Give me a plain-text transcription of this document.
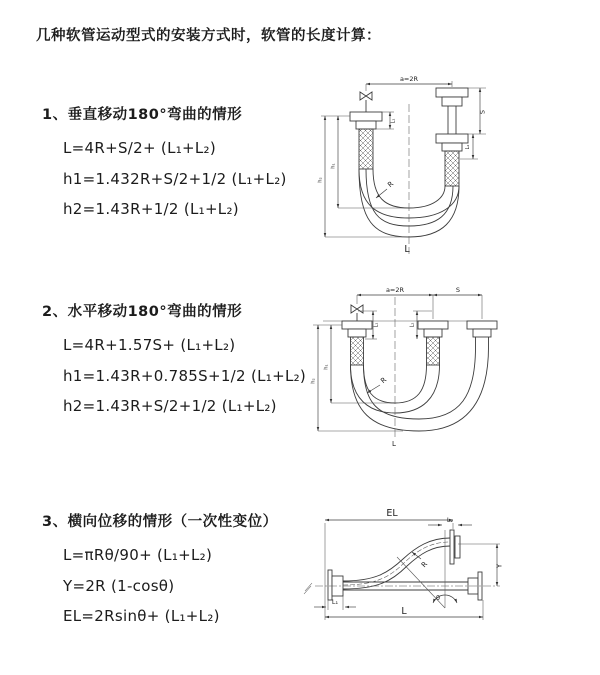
几种软管运动型式的安装方式时，软管的长度计算：
1、垂直移动180°弯曲的情形
L=4R+S/2+ (L₁+L₂)
h1=1.432R+S/2+1/2 (L₁+L₂)
h2=1.43R+1/2 (L₁+L₂)
2、水平移动180°弯曲的情形
L=4R+1.57S+ (L₁+L₂)
h1=1.43R+0.785S+1/2 (L₁+L₂)
h2=1.43R+S/2+1/2 (L₁+L₂)
3、横向位移的情形（一次性变位）
L=πRθ/90+ (L₁+L₂)
Y=2R (1-cosθ)
EL=2Rsinθ+ (L₁+L₂)
a=2R
L₁
S
L₂
R
h₁
h₂
L
a=2R	S
L₁	L₂
R
h₁
h₂
L
EL
L₂
Y
R
θ
L₁
L
